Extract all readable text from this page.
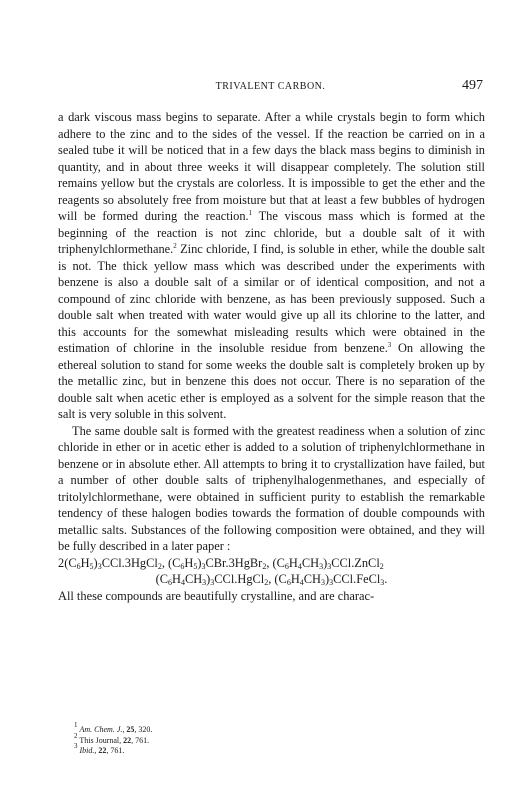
TRIVALENT CARBON.	497

a dark viscous mass begins to separate. After a while crystals begin to form which adhere to the zinc and to the sides of the vessel. If the reaction be carried on in a sealed tube it will be noticed that in a few days the black mass begins to diminish in quantity, and in about three weeks it will disappear completely. The solution still remains yellow but the crystals are colorless. It is impossible to get the ether and the reagents so absolutely free from moisture but that at least a few bubbles of hydrogen will be formed during the reaction.$^1$ The viscous mass which is formed at the beginning of the reaction is not zinc chloride, but a double salt of it with triphenylchlormethane.$^2$ Zinc chloride, I find, is soluble in ether, while the double salt is not. The thick yellow mass which was described under the experiments with benzene is also a double salt of a similar or of identical composition, and not a compound of zinc chloride with benzene, as has been previously supposed. Such a double salt when treated with water would give up all its chlorine to the latter, and this accounts for the somewhat misleading results which were obtained in the estimation of chlorine in the insoluble residue from benzene.$^3$ On allowing the ethereal solution to stand for some weeks the double salt is completely broken up by the metallic zinc, but in benzene this does not occur. There is no separation of the double salt when acetic ether is employed as a solvent for the simple reason that the salt is very soluble in this solvent.

The same double salt is formed with the greatest readiness when a solution of zinc chloride in ether or in acetic ether is added to a solution of triphenylchlormethane in benzene or in absolute ether. All attempts to bring it to crystallization have failed, but a number of other double salts of triphenylhalogenmethanes, and especially of tritolylchlormethane, were obtained in sufficient purity to establish the remarkable tendency of these halogen bodies towards the formation of double compounds with metallic salts. Substances of the following composition were obtained, and they will be fully described in a later paper :

$2(C_6H_5)_3CCl.3HgCl_2$, $(C_6H_5)_3CBr.3HgBr_2$, $(C_6H_4CH_3)_3CCl.ZnCl_2$

$(C_6H_4CH_3)_3CCl.HgCl_2$, $(C_6H_4CH_3)_3CCl.FeCl_3$.

All these compounds are beautifully crystalline, and are charac-

$^1$ Am. Chem. J., 25, 320.
$^2$ This Journal, 22, 761.
$^3$ Ibid., 22, 761.
